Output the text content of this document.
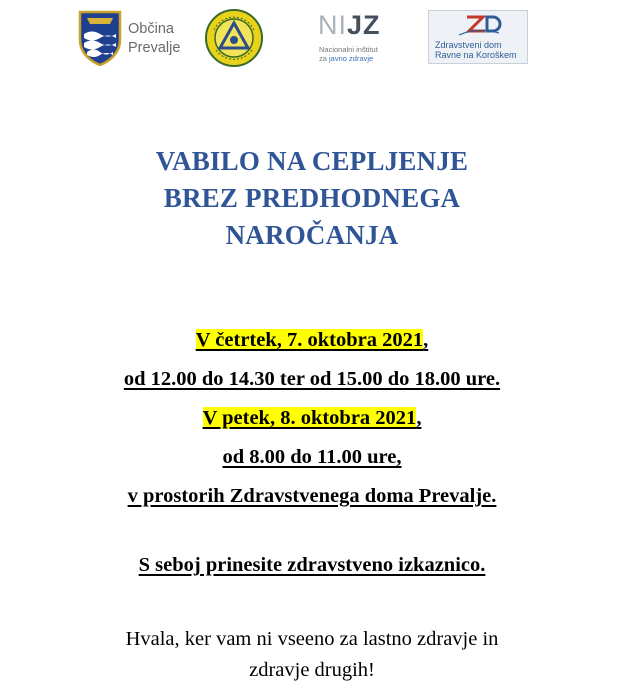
Občina
Prevalje
NIJZ
Nacionalni inštitut
za javno zdravje
Zdravstveni dom
Ravne na Koroškem
VABILO NA CEPLJENJE
BREZ PREDHODNEGA
NAROČANJA
V četrtek, 7. oktobra 2021,
od 12.00 do 14.30 ter od 15.00 do 18.00 ure.
V petek, 8. oktobra 2021,
od 8.00 do 11.00 ure,
v prostorih Zdravstvenega doma Prevalje.
S seboj prinesite zdravstveno izkaznico.
Hvala, ker vam ni vseeno za lastno zdravje in
zdravje drugih!
